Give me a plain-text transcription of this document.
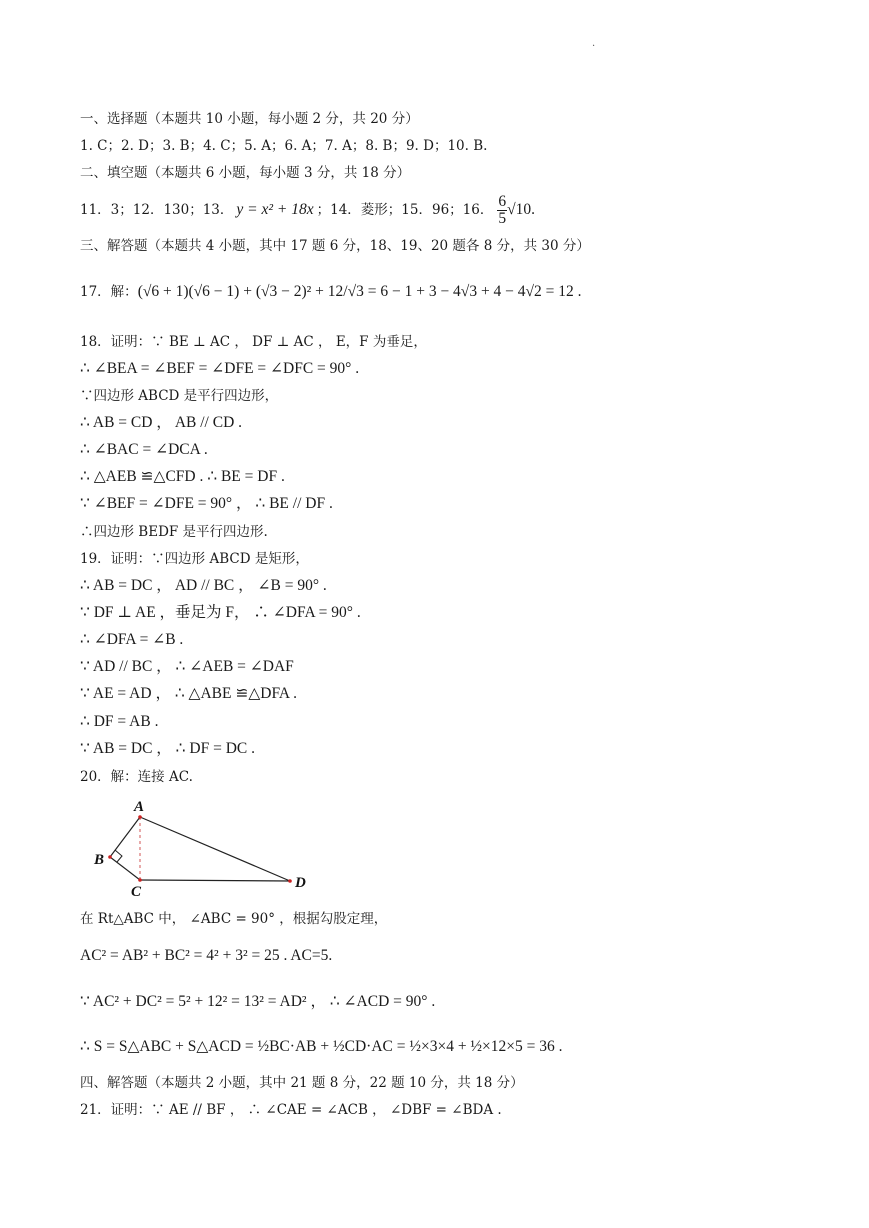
.
一、选择题（本题共 10 小题，每小题 2 分，共 20 分）
1. C；2. D；3. B；4. C；5. A；6. A；7. A；8. B；9. D；10. B.
二、填空题（本题共 6 小题，每小题 3 分，共 18 分）
11．3；12．130；13． y = x² + 18x ；14．菱形；15．96；16． $\frac{6}{5} √10$ .
三、解答题（本题共 4 小题，其中 17 题 6 分，18、19、20 题各 8 分，共 30 分）
17．解： (√6 + 1)(√6 − 1) + (√3 − 2)² + 12/√3 = 6 − 1 + 3 − 4√3 + 4 − 4√2 = 12 .
18．证明：∵ BE ⊥ AC ， DF ⊥ AC ， E，F 为垂足，
∴ ∠BEA = ∠BEF = ∠DFE = ∠DFC = 90° .
∵四边形 ABCD 是平行四边形，
∴ AB = CD ， AB // CD .
∴ ∠BAC = ∠DCA .
∴ △AEB ≌△CFD . ∴ BE = DF .
∵ ∠BEF = ∠DFE = 90° ， ∴ BE // DF .
∴四边形 BEDF 是平行四边形.
19．证明：∵四边形 ABCD 是矩形，
∴ AB = DC ， AD // BC ， ∠B = 90° .
∵ DF ⊥ AE ，垂足为 F， ∴ ∠DFA = 90° .
∴ ∠DFA = ∠B .
∵ AD // BC ， ∴ ∠AEB = ∠DAF
∵ AE = AD ， ∴ △ABE ≌△DFA .
∴ DF = AB .
∵ AB = DC ， ∴ DF = DC .
20．解：连接 AC.
A
B
C
D
在 Rt△ABC 中， ∠ABC = 90° ，根据勾股定理，
AC² = AB² + BC² = 4² + 3² = 25 . AC=5.
∵ AC² + DC² = 5² + 12² = 13² = AD² ， ∴ ∠ACD = 90° .
∴ S = S△ABC + S△ACD = ½BC·AB + ½CD·AC = ½×3×4 + ½×12×5 = 36 .
四、解答题（本题共 2 小题，其中 21 题 8 分，22 题 10 分，共 18 分）
21．证明：∵ AE // BF ， ∴ ∠CAE = ∠ACB ， ∠DBF = ∠BDA .
